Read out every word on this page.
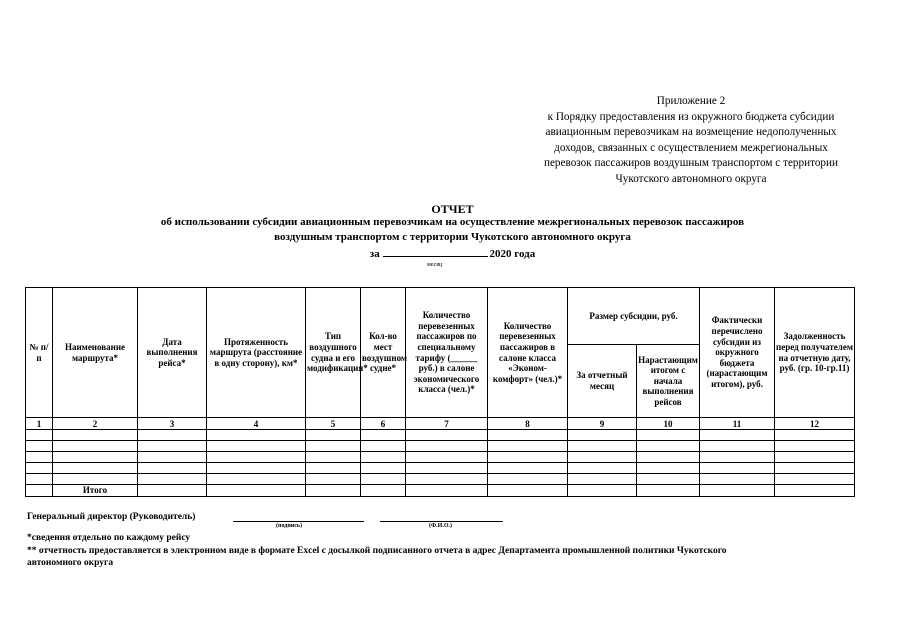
Приложение 2
к Порядку предоставления из окружного бюджета субсидии
авиационным перевозчикам на возмещение недополученных
доходов, связанных с осуществлением межрегиональных
перевозок пассажиров воздушным транспортом с территории
Чукотского автономного округа
ОТЧЕТ
об использовании субсидии авиационным перевозчикам на осуществление межрегиональных перевозок пассажиров
воздушным транспортом с территории Чукотского автономного округа
за	2020 года
месяц
№ п/п	Наименование маршрута*	Дата выполнения рейса*	Протяженность маршрута (расстояние в одну сторону), км*	Тип воздушного судна и его модификация*	Кол-во мест воздушном судне*	Количество перевезенных пассажиров по специальному тарифу (______ руб.) в салоне экономического класса (чел.)*	Количество перевезенных пассажиров в салоне класса «Эконом-комфорт» (чел.)*	Размер субсидии, руб.		Фактически перечислено субсидии из окружного бюджета (нарастающим итогом), руб.	Задолженность перед получателем на отчетную дату, руб. (гр. 10-гр.11)
								За отчетный месяц	Нарастающим итогом с начала выполнения рейсов		
1	2	3	4	5	6	7	8	9	10	11	12

	Итого										
Генеральный директор (Руководитель)
(подпись)	(Ф.И.О.)
*сведения отдельно по каждому рейсу
** отчетность предоставляется в электронном виде в формате Excel с досылкой подписанного отчета в адрес Департамента промышленной политики Чукотского
автономного округа
